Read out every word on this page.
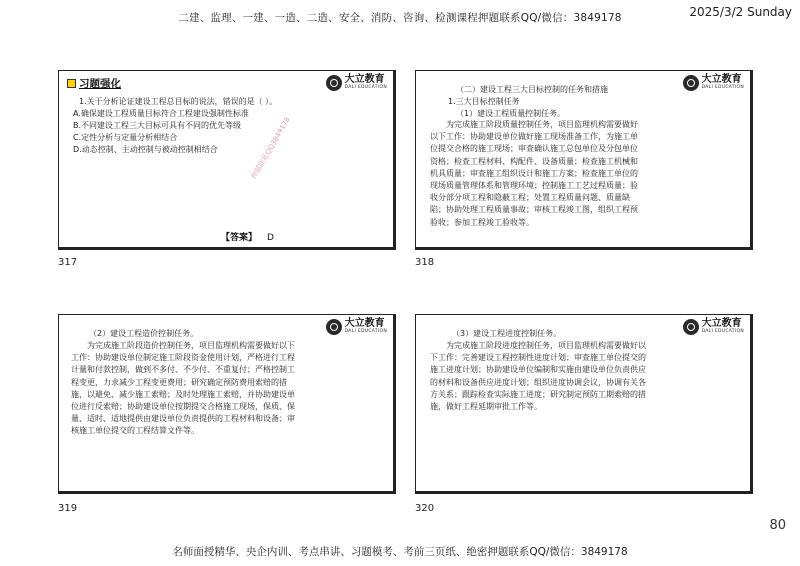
二建、监理、一建、一造、二造、安全、消防、咨询、检测课程押题联系QQ/微信：3849178	2025/3/2 Sunday
习题强化	大立教育
DALI EDUCATION
1.关于分析论证建设工程总目标的说法，错误的是（ ）。
A.确保建设工程质量目标符合工程建设强制性标准
B.不同建设工程三大目标可具有不同的优先等级
C.定性分析与定量分析相结合
D.动态控制、主动控制与被动控制相结合	押题联系QQ3849178
【答案】 D
317
大立教育
DALI EDUCATION
（二）建设工程三大目标控制的任务和措施
1.三大目标控制任务
（1）建设工程质量控制任务。
为完成施工阶段质量控制任务，项目监理机构需要做好以下工作：协助建设单位做好施工现场准备工作，为施工单位提交合格的施工现场；审查确认施工总包单位及分包单位资格；检查工程材料、构配件、设备质量；检查施工机械和机具质量；审查施工组织设计和施工方案；检查施工单位的现场质量管理体系和管理环境；控制施工工艺过程质量；验收分部分项工程和隐蔽工程；处置工程质量问题、质量缺陷；协助处理工程质量事故；审核工程竣工图，组织工程预验收；参加工程竣工验收等。
318
大立教育
DALI EDUCATION
（2）建设工程造价控制任务。
为完成施工阶段造价控制任务，项目监理机构需要做好以下工作：协助建设单位制定施工阶段资金使用计划，严格进行工程计量和付款控制，做到不多付、不少付、不重复付；严格控制工程变更，力求减少工程变更费用；研究确定预防费用索赔的措施，以避免、减少施工索赔；及时处理施工索赔，并协助建设单位进行反索赔；协助建设单位按期提交合格施工现场，保质、保量、适时、适地提供由建设单位负责提供的工程材料和设备；审核施工单位提交的工程结算文件等。
319
大立教育
DALI EDUCATION
（3）建设工程进度控制任务。
为完成施工阶段进度控制任务，项目监理机构需要做好以下工作：完善建设工程控制性进度计划；审查施工单位提交的施工进度计划；协助建设单位编制和实施由建设单位负责供应的材料和设备供应进度计划；组织进度协调会议，协调有关各方关系；跟踪检查实际施工进度；研究制定预防工期索赔的措施，做好工程延期审批工作等。
320
80
名师面授精华、央企内训、考点串讲、习题模考、考前三页纸、绝密押题联系QQ/微信：3849178
